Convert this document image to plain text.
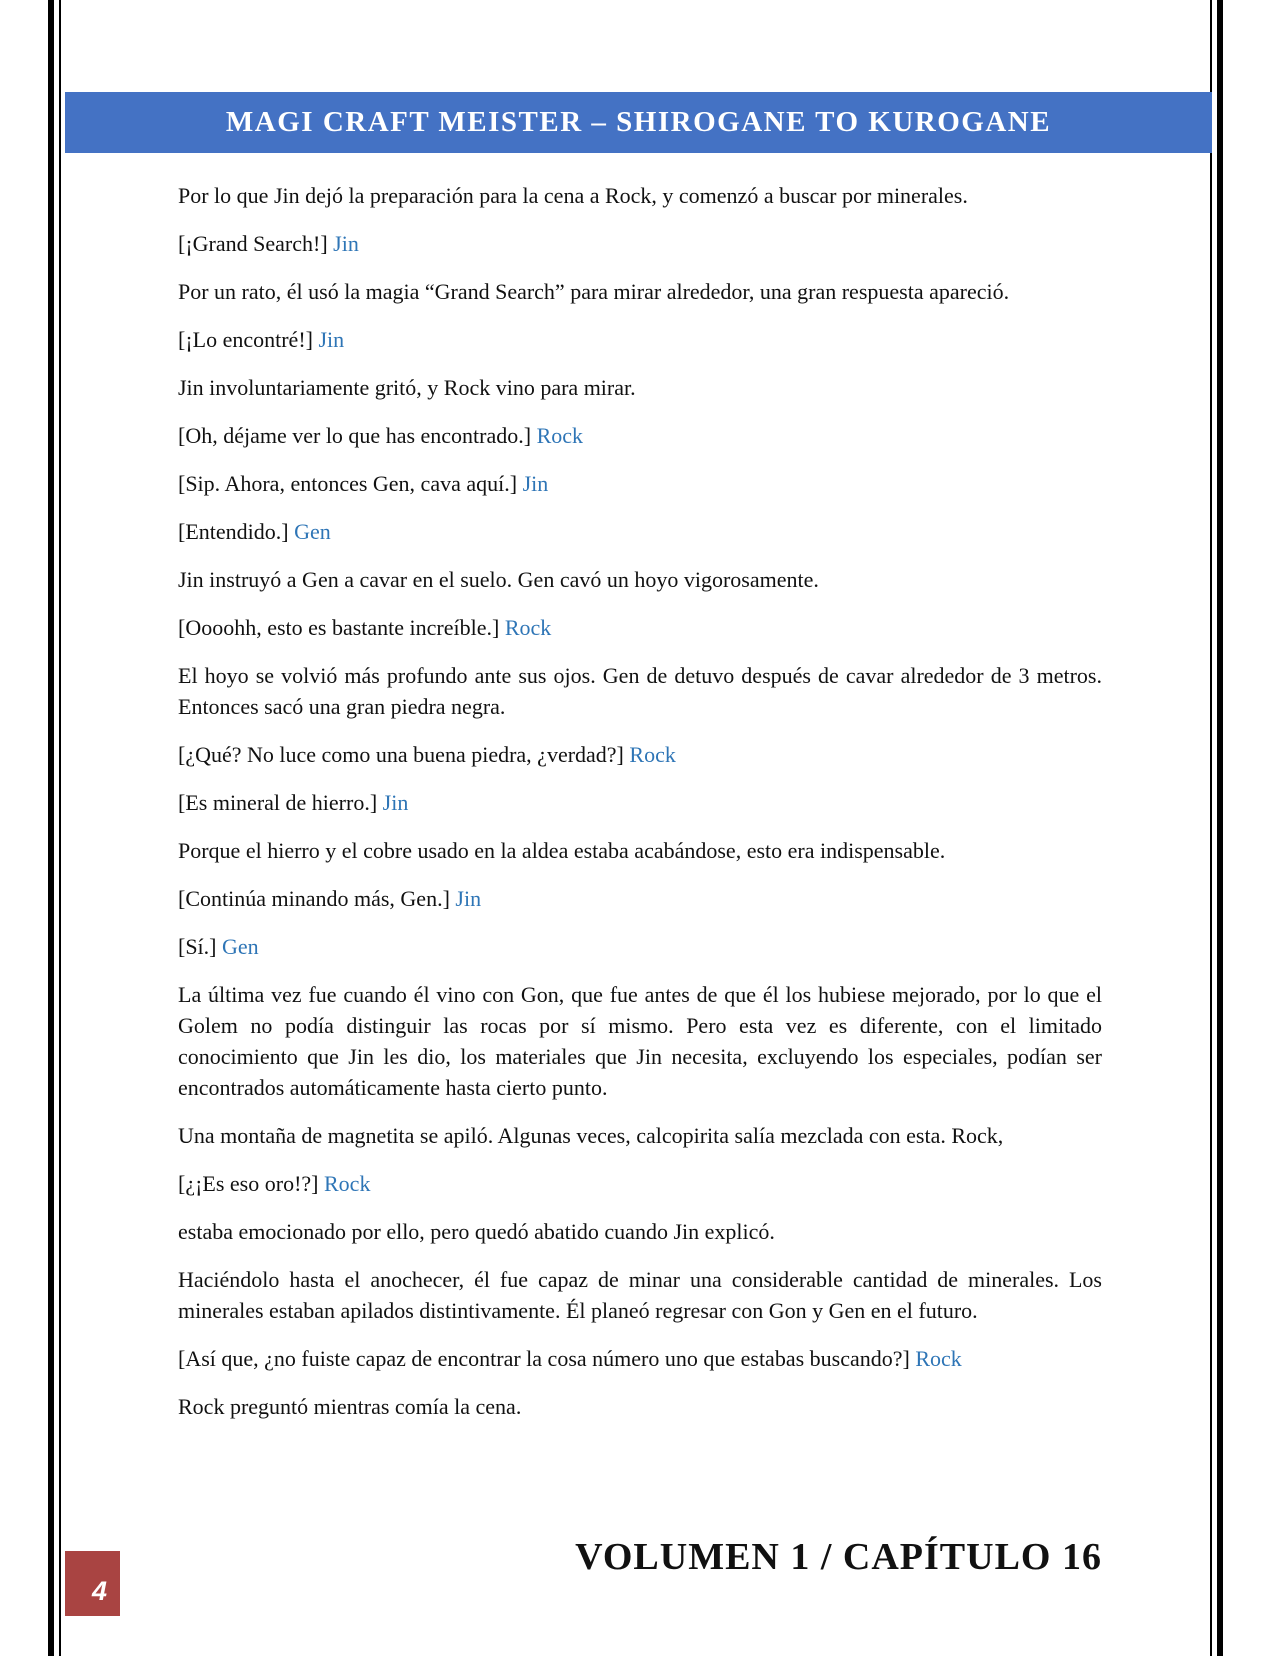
MAGI CRAFT MEISTER – SHIROGANE TO KUROGANE

Por lo que Jin dejó la preparación para la cena a Rock, y comenzó a buscar por minerales.

[¡Grand Search!] Jin

Por un rato, él usó la magia “Grand Search” para mirar alrededor, una gran respuesta apareció.

[¡Lo encontré!] Jin

Jin involuntariamente gritó, y Rock vino para mirar.

[Oh, déjame ver lo que has encontrado.] Rock

[Sip. Ahora, entonces Gen, cava aquí.] Jin

[Entendido.] Gen

Jin instruyó a Gen a cavar en el suelo. Gen cavó un hoyo vigorosamente.

[Oooohh, esto es bastante increíble.] Rock

El hoyo se volvió más profundo ante sus ojos. Gen de detuvo después de cavar alrededor de 3 metros. Entonces sacó una gran piedra negra.

[¿Qué? No luce como una buena piedra, ¿verdad?] Rock

[Es mineral de hierro.] Jin

Porque el hierro y el cobre usado en la aldea estaba acabándose, esto era indispensable.

[Continúa minando más, Gen.] Jin

[Sí.] Gen

La última vez fue cuando él vino con Gon, que fue antes de que él los hubiese mejorado, por lo que el Golem no podía distinguir las rocas por sí mismo. Pero esta vez es diferente, con el limitado conocimiento que Jin les dio, los materiales que Jin necesita, excluyendo los especiales, podían ser encontrados automáticamente hasta cierto punto.

Una montaña de magnetita se apiló. Algunas veces, calcopirita salía mezclada con esta. Rock,

[¿¡Es eso oro!?] Rock

estaba emocionado por ello, pero quedó abatido cuando Jin explicó.

Haciéndolo hasta el anochecer, él fue capaz de minar una considerable cantidad de minerales. Los minerales estaban apilados distintivamente. Él planeó regresar con Gon y Gen en el futuro.

[Así que, ¿no fuiste capaz de encontrar la cosa número uno que estabas buscando?] Rock

Rock preguntó mientras comía la cena.

VOLUMEN 1 / CAPÍTULO 16
4
